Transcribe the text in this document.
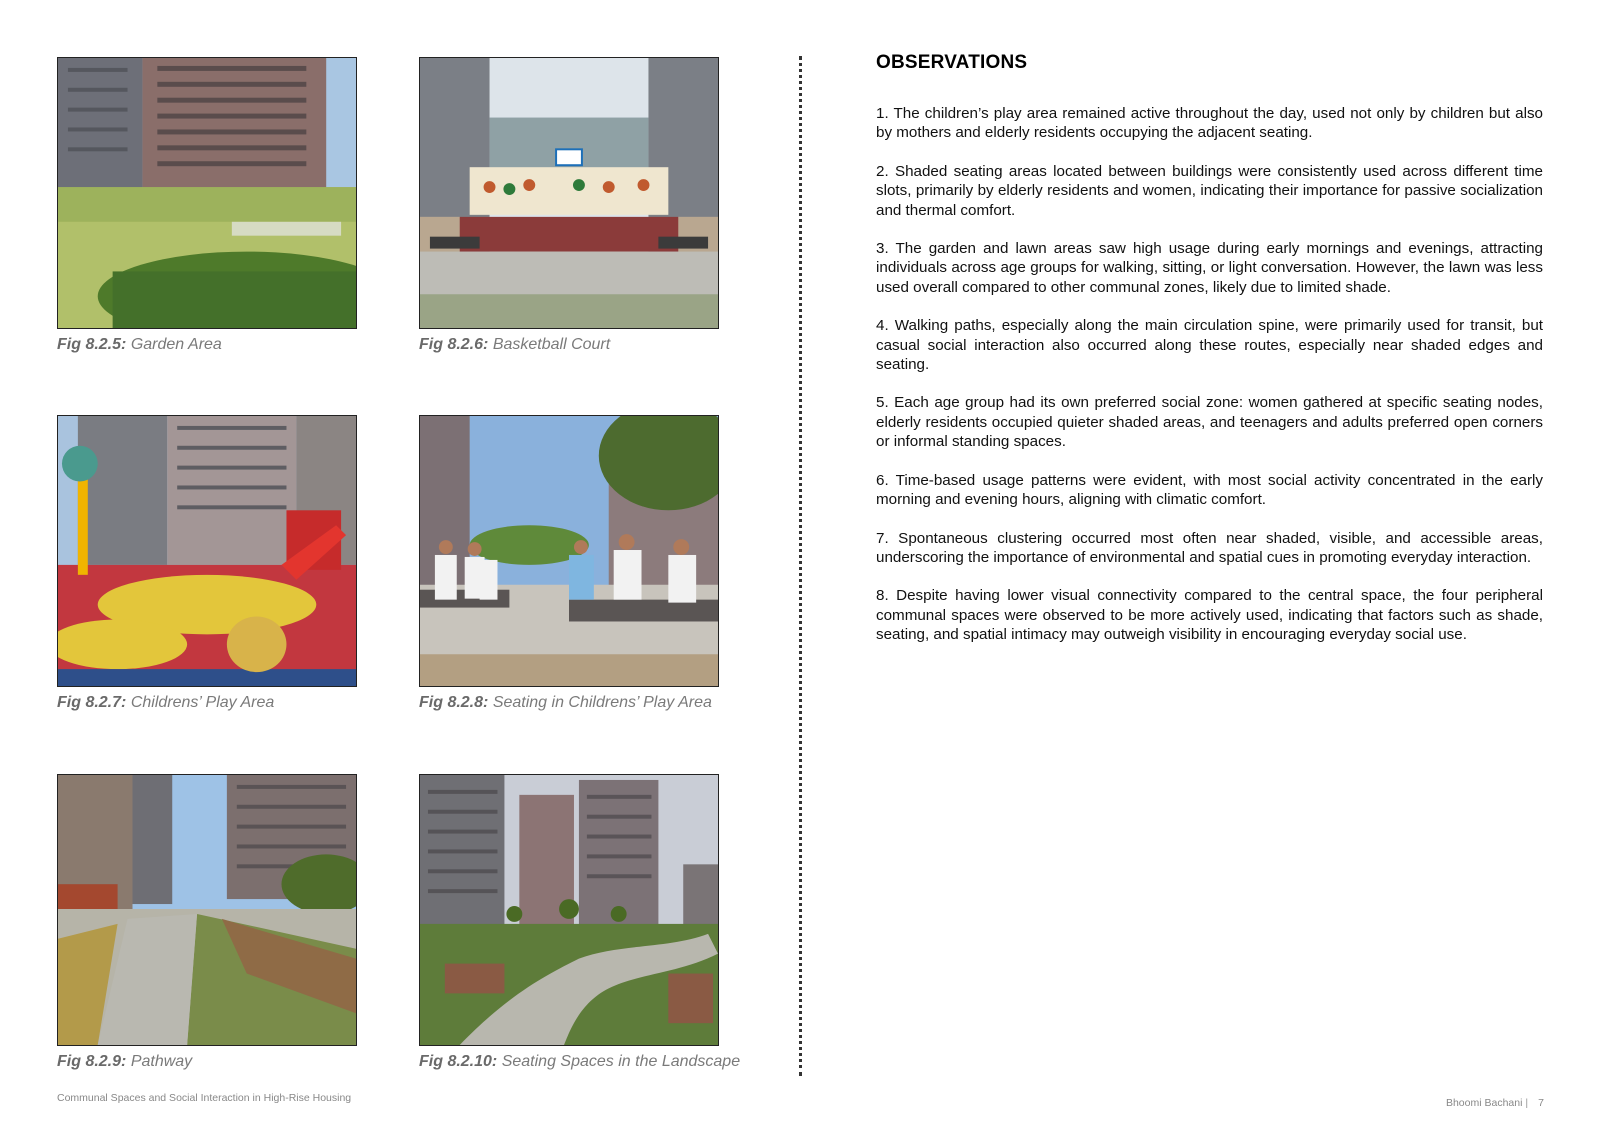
Fig 8.2.5: Garden Area	Fig 8.2.6: Basketball Court
Fig 8.2.7: Childrens’ Play Area	Fig 8.2.8: Seating in Childrens’ Play Area
Fig 8.2.9: Pathway	Fig 8.2.10: Seating Spaces in the Landscape
OBSERVATIONS
1. The children’s play area remained active throughout the day, used not only by children but also by mothers and elderly residents occupying the adjacent seating.
2. Shaded seating areas located between buildings were consistently used across different time slots, primarily by elderly residents and women, indicating their importance for passive socialization and thermal comfort.
3. The garden and lawn areas saw high usage during early mornings and evenings, attracting individuals across age groups for walking, sitting, or light conversation. However, the lawn was less used overall compared to other communal zones, likely due to limited shade.
4. Walking paths, especially along the main circulation spine, were primarily used for transit, but casual social interaction also occurred along these routes, especially near shaded edges and seating.
5. Each age group had its own preferred social zone: women gathered at specific seating nodes, elderly residents occupied quieter shaded areas, and teenagers and adults preferred open corners or informal standing spaces.
6. Time-based usage patterns were evident, with most social activity concentrated in the early morning and evening hours, aligning with climatic comfort.
7. Spontaneous clustering occurred most often near shaded, visible, and accessible areas, underscoring the importance of environmental and spatial cues in promoting everyday interaction.
8. Despite having lower visual connectivity compared to the central space, the four peripheral communal spaces were observed to be more actively used, indicating that factors such as shade, seating, and spatial intimacy may outweigh visibility in encouraging everyday social use.
Communal Spaces and Social Interaction in High-Rise Housing	Bhoomi Bachani | 7
